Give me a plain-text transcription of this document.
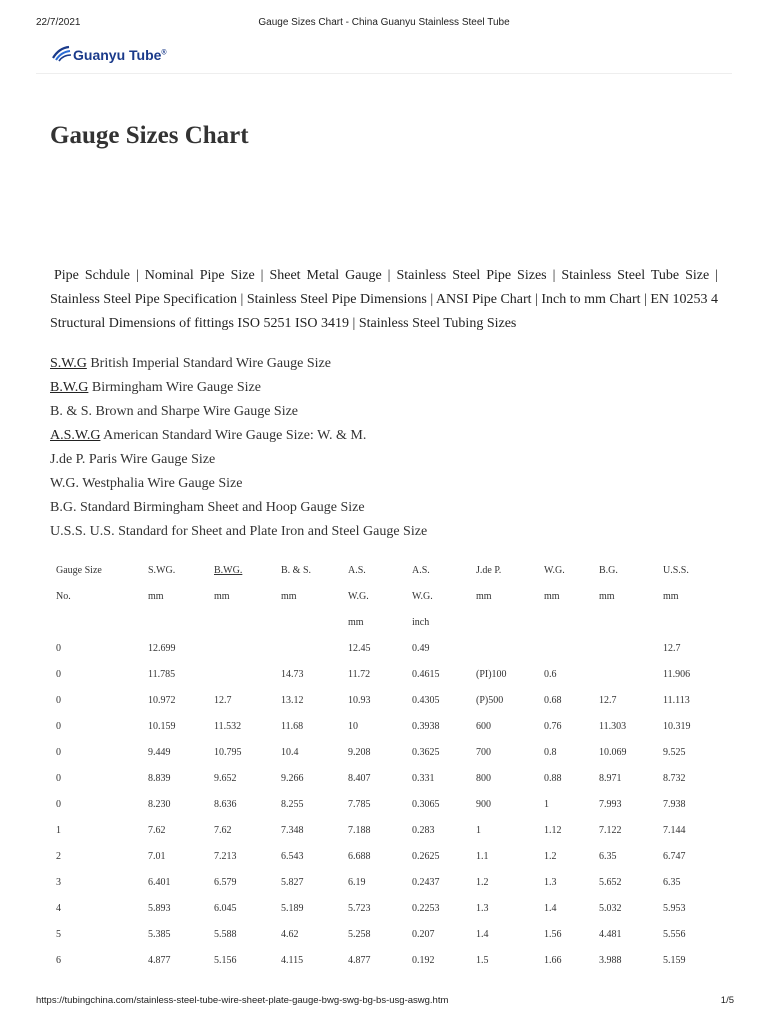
22/7/2021	Gauge Sizes Chart - China Guanyu Stainless Steel Tube
Guanyu Tube®
Gauge Sizes Chart
Pipe Schdule | Nominal Pipe Size | Sheet Metal Gauge | Stainless Steel Pipe Sizes | Stainless Steel Tube Size | Stainless Steel Pipe Specification | Stainless Steel Pipe Dimensions | ANSI Pipe Chart | Inch to mm Chart | EN 10253 4 Structural Dimensions of fittings ISO 5251 ISO 3419 | Stainless Steel Tubing Sizes
S.W.G British Imperial Standard Wire Gauge Size
B.W.G Birmingham Wire Gauge Size
B. & S. Brown and Sharpe Wire Gauge Size
A.S.W.G American Standard Wire Gauge Size: W. & M.
J.de P. Paris Wire Gauge Size
W.G. Westphalia Wire Gauge Size
B.G. Standard Birmingham Sheet and Hoop Gauge Size
U.S.S. U.S. Standard for Sheet and Plate Iron and Steel Gauge Size
Gauge Size	S.WG.	B.WG.	B. & S.	A.S.	A.S.	J.de P.	W.G.	B.G.	U.S.S.
No.	mm	mm	mm	W.G.	W.G.	mm	mm	mm	mm
				mm	inch				
0	12.699			12.45	0.49				12.7
0	11.785		14.73	11.72	0.4615	(PI)100	0.6		11.906
0	10.972	12.7	13.12	10.93	0.4305	(P)500	0.68	12.7	11.113
0	10.159	11.532	11.68	10	0.3938	600	0.76	11.303	10.319
0	9.449	10.795	10.4	9.208	0.3625	700	0.8	10.069	9.525
0	8.839	9.652	9.266	8.407	0.331	800	0.88	8.971	8.732
0	8.230	8.636	8.255	7.785	0.3065	900	1	7.993	7.938
1	7.62	7.62	7.348	7.188	0.283	1	1.12	7.122	7.144
2	7.01	7.213	6.543	6.688	0.2625	1.1	1.2	6.35	6.747
3	6.401	6.579	5.827	6.19	0.2437	1.2	1.3	5.652	6.35
4	5.893	6.045	5.189	5.723	0.2253	1.3	1.4	5.032	5.953
5	5.385	5.588	4.62	5.258	0.207	1.4	1.56	4.481	5.556
6	4.877	5.156	4.115	4.877	0.192	1.5	1.66	3.988	5.159
https://tubingchina.com/stainless-steel-tube-wire-sheet-plate-gauge-bwg-swg-bg-bs-usg-aswg.htm	1/5
